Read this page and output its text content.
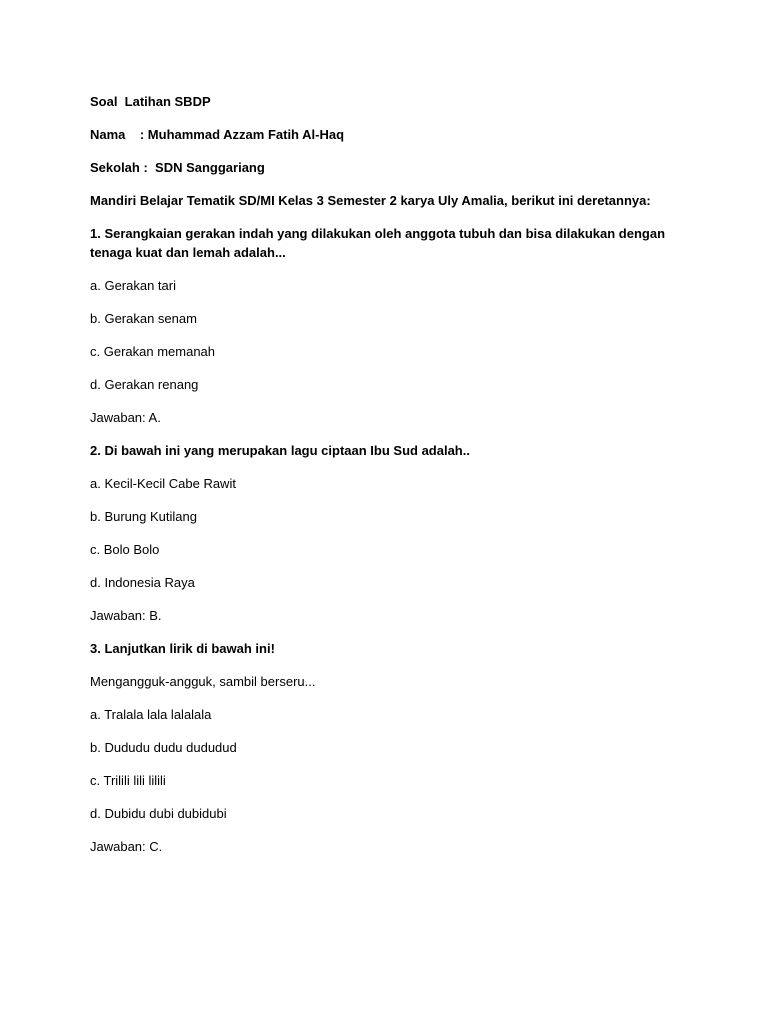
Soal  Latihan SBDP

Nama    : Muhammad Azzam Fatih Al-Haq

Sekolah :  SDN Sanggariang

Mandiri Belajar Tematik SD/MI Kelas 3 Semester 2 karya Uly Amalia, berikut ini deretannya:

1. Serangkaian gerakan indah yang dilakukan oleh anggota tubuh dan bisa dilakukan dengan tenaga kuat dan lemah adalah...

a. Gerakan tari

b. Gerakan senam

c. Gerakan memanah

d. Gerakan renang

Jawaban: A.

2. Di bawah ini yang merupakan lagu ciptaan Ibu Sud adalah..

a. Kecil-Kecil Cabe Rawit

b. Burung Kutilang

c. Bolo Bolo

d. Indonesia Raya

Jawaban: B.

3. Lanjutkan lirik di bawah ini!

Mengangguk-angguk, sambil berseru...

a. Tralala lala lalalala

b. Dududu dudu dududud

c. Trilili lili lilili

d. Dubidu dubi dubidubi

Jawaban: C.
